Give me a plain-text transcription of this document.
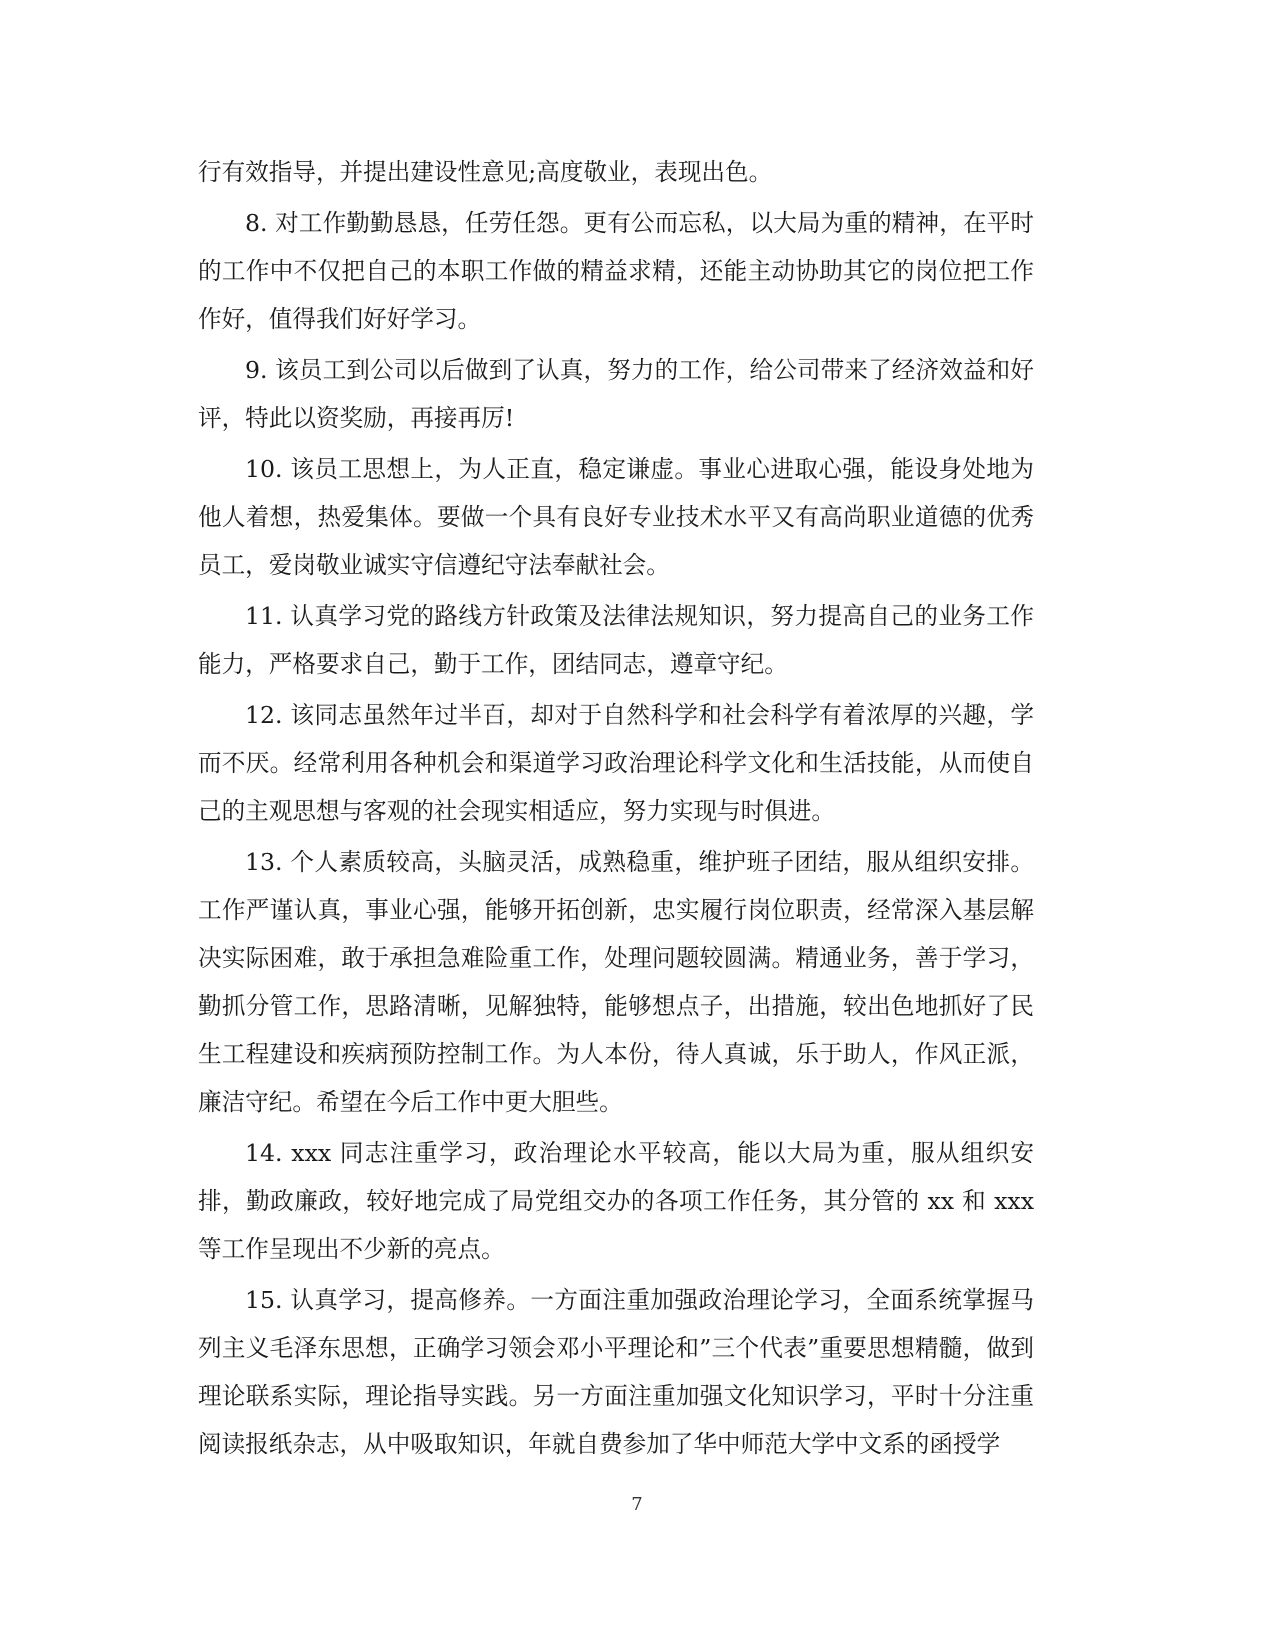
行有效指导，并提出建设性意见;高度敬业，表现出色。

8. 对工作勤勤恳恳，任劳任怨。更有公而忘私，以大局为重的精神，在平时的工作中不仅把自己的本职工作做的精益求精，还能主动协助其它的岗位把工作作好，值得我们好好学习。

9. 该员工到公司以后做到了认真，努力的工作，给公司带来了经济效益和好评，特此以资奖励，再接再厉!

10. 该员工思想上，为人正直，稳定谦虚。事业心进取心强，能设身处地为他人着想，热爱集体。要做一个具有良好专业技术水平又有高尚职业道德的优秀员工，爱岗敬业诚实守信遵纪守法奉献社会。

11. 认真学习党的路线方针政策及法律法规知识，努力提高自己的业务工作能力，严格要求自己，勤于工作，团结同志，遵章守纪。

12. 该同志虽然年过半百，却对于自然科学和社会科学有着浓厚的兴趣，学而不厌。经常利用各种机会和渠道学习政治理论科学文化和生活技能，从而使自己的主观思想与客观的社会现实相适应，努力实现与时俱进。

13. 个人素质较高，头脑灵活，成熟稳重，维护班子团结，服从组织安排。工作严谨认真，事业心强，能够开拓创新，忠实履行岗位职责，经常深入基层解决实际困难，敢于承担急难险重工作，处理问题较圆满。精通业务，善于学习，勤抓分管工作，思路清晰，见解独特，能够想点子，出措施，较出色地抓好了民生工程建设和疾病预防控制工作。为人本份，待人真诚，乐于助人，作风正派，廉洁守纪。希望在今后工作中更大胆些。

14. xxx 同志注重学习，政治理论水平较高，能以大局为重，服从组织安排，勤政廉政，较好地完成了局党组交办的各项工作任务，其分管的 xx 和 xxx 等工作呈现出不少新的亮点。

15. 认真学习，提高修养。一方面注重加强政治理论学习，全面系统掌握马列主义毛泽东思想，正确学习领会邓小平理论和”三个代表”重要思想精髓，做到理论联系实际，理论指导实践。另一方面注重加强文化知识学习，平时十分注重阅读报纸杂志，从中吸取知识，年就自费参加了华中师范大学中文系的函授学

7
